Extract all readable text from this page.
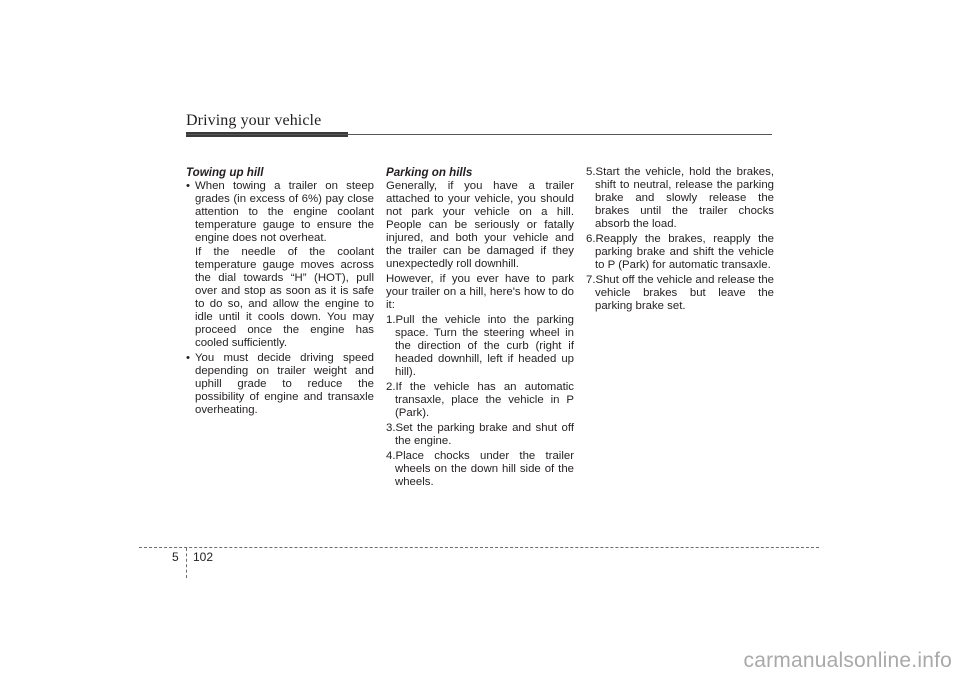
Driving your vehicle

Towing up hill

• When towing a trailer on steep grades (in excess of 6%) pay close attention to the engine coolant temperature gauge to ensure the engine does not overheat.

If the needle of the coolant temperature gauge moves across the dial towards “H” (HOT), pull over and stop as soon as it is safe to do so, and allow the engine to idle until it cools down. You may proceed once the engine has cooled sufficiently.

• You must decide driving speed depending on trailer weight and uphill grade to reduce the possibility of engine and transaxle overheating.

Parking on hills

Generally, if you have a trailer attached to your vehicle, you should not park your vehicle on a hill. People can be seriously or fatally injured, and both your vehicle and the trailer can be damaged if they unexpectedly roll downhill.

However, if you ever have to park your trailer on a hill, here's how to do it:

1.Pull the vehicle into the parking space. Turn the steering wheel in the direction of the curb (right if headed downhill, left if headed up hill).

2.If the vehicle has an automatic transaxle, place the vehicle in P (Park).

3.Set the parking brake and shut off the engine.

4.Place chocks under the trailer wheels on the down hill side of the wheels.

5.Start the vehicle, hold the brakes, shift to neutral, release the parking brake and slowly release the brakes until the trailer chocks absorb the load.

6.Reapply the brakes, reapply the parking brake and shift the vehicle to P (Park) for automatic transaxle.

7.Shut off the vehicle and release the vehicle brakes but leave the parking brake set.

5 102
carmanualsonline.info
